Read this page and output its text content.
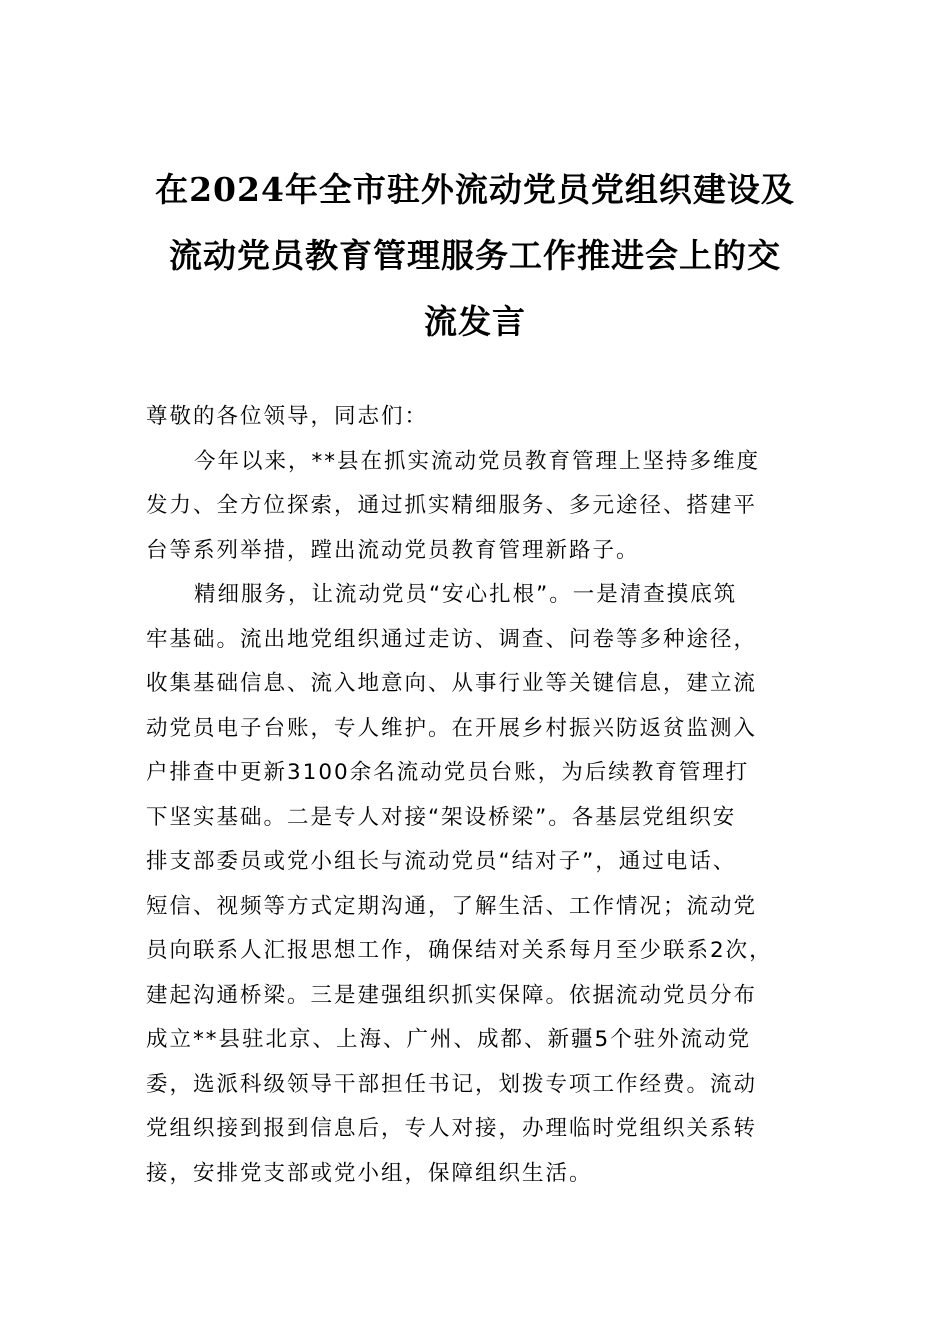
在2024年全市驻外流动党员党组织建设及
流动党员教育管理服务工作推进会上的交
流发言
尊敬的各位领导，同志们：
今年以来，**县在抓实流动党员教育管理上坚持多维度
发力、全方位探索，通过抓实精细服务、多元途径、搭建平
台等系列举措，蹚出流动党员教育管理新路子。
精细服务，让流动党员“安心扎根”。一是清查摸底筑
牢基础。流出地党组织通过走访、调查、问卷等多种途径，
收集基础信息、流入地意向、从事行业等关键信息，建立流
动党员电子台账，专人维护。在开展乡村振兴防返贫监测入
户排查中更新3100余名流动党员台账，为后续教育管理打
下坚实基础。二是专人对接“架设桥梁”。各基层党组织安
排支部委员或党小组长与流动党员“结对子”，通过电话、
短信、视频等方式定期沟通，了解生活、工作情况；流动党
员向联系人汇报思想工作，确保结对关系每月至少联系2次，
建起沟通桥梁。三是建强组织抓实保障。依据流动党员分布
成立**县驻北京、上海、广州、成都、新疆5个驻外流动党
委，选派科级领导干部担任书记，划拨专项工作经费。流动
党组织接到报到信息后，专人对接，办理临时党组织关系转
接，安排党支部或党小组，保障组织生活。
